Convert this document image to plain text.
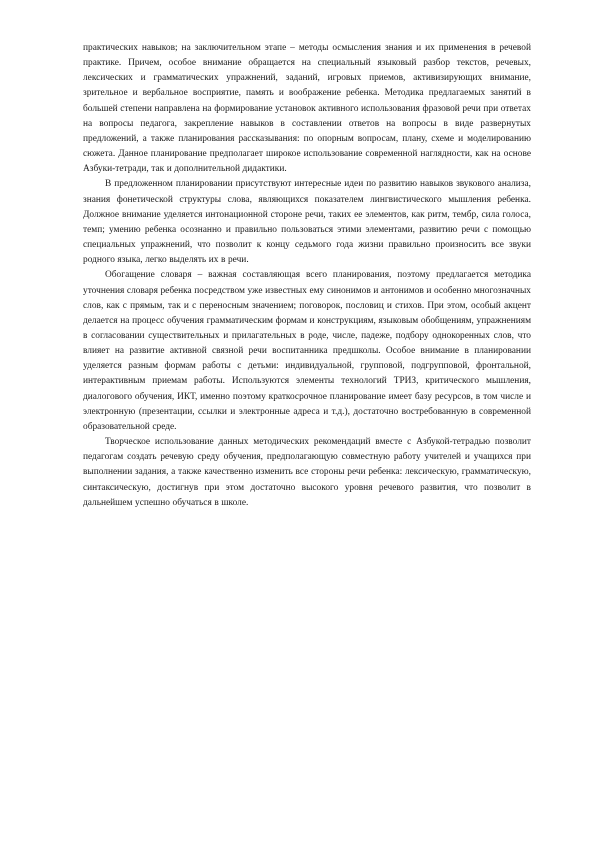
практических навыков; на заключительном этапе – методы осмысления знания и их применения в речевой практике. Причем, особое внимание обращается на специальный языковый разбор текстов, речевых, лексических и грамматических упражнений, заданий, игровых приемов, активизирующих внимание, зрительное и вербальное восприятие, память и воображение ребенка. Методика предлагаемых занятий в большей степени направлена на формирование установок активного использования фразовой речи при ответах на вопросы педагога, закрепление навыков в составлении ответов на вопросы в виде развернутых предложений, а также планирования рассказывания: по опорным вопросам, плану, схеме и моделированию сюжета. Данное планирование предполагает широкое использование современной наглядности, как на основе Азбуки-тетради, так и дополнительной дидактики.

В предложенном планировании присутствуют интересные идеи по развитию навыков звукового анализа, знания фонетической структуры слова, являющихся показателем лингвистического мышления ребенка. Должное внимание уделяется интонационной стороне речи, таких ее элементов, как ритм, тембр, сила голоса, темп; умению ребенка осознанно и правильно пользоваться этими элементами, развитию речи с помощью специальных упражнений, что позволит к концу седьмого года жизни правильно произносить все звуки родного языка, легко выделять их в речи.

Обогащение словаря – важная составляющая всего планирования, поэтому предлагается методика уточнения словаря ребенка посредством уже известных ему синонимов и антонимов и особенно многозначных слов, как с прямым, так и с переносным значением; поговорок, пословиц и стихов. При этом, особый акцент делается на процесс обучения грамматическим формам и конструкциям, языковым обобщениям, упражнениям в согласовании существительных и прилагательных в роде, числе, падеже, подбору однокоренных слов, что влияет на развитие активной связной речи воспитанника предшколы. Особое внимание в планировании уделяется разным формам работы с детьми: индивидуальной, групповой, подгрупповой, фронтальной, интерактивным приемам работы. Используются элементы технологий ТРИЗ, критического мышления, диалогового обучения, ИКТ, именно поэтому краткосрочное планирование имеет базу ресурсов, в том числе и электронную (презентации, ссылки и электронные адреса и т.д.), достаточно востребованную в современной образовательной среде.

Творческое использование данных методических рекомендаций вместе с Азбукой-тетрадью позволит педагогам создать речевую среду обучения, предполагающую совместную работу учителей и учащихся при выполнении задания, а также качественно изменить все стороны речи ребенка: лексическую, грамматическую, синтаксическую, достигнув при этом достаточно высокого уровня речевого развития, что позволит в дальнейшем успешно обучаться в школе.
